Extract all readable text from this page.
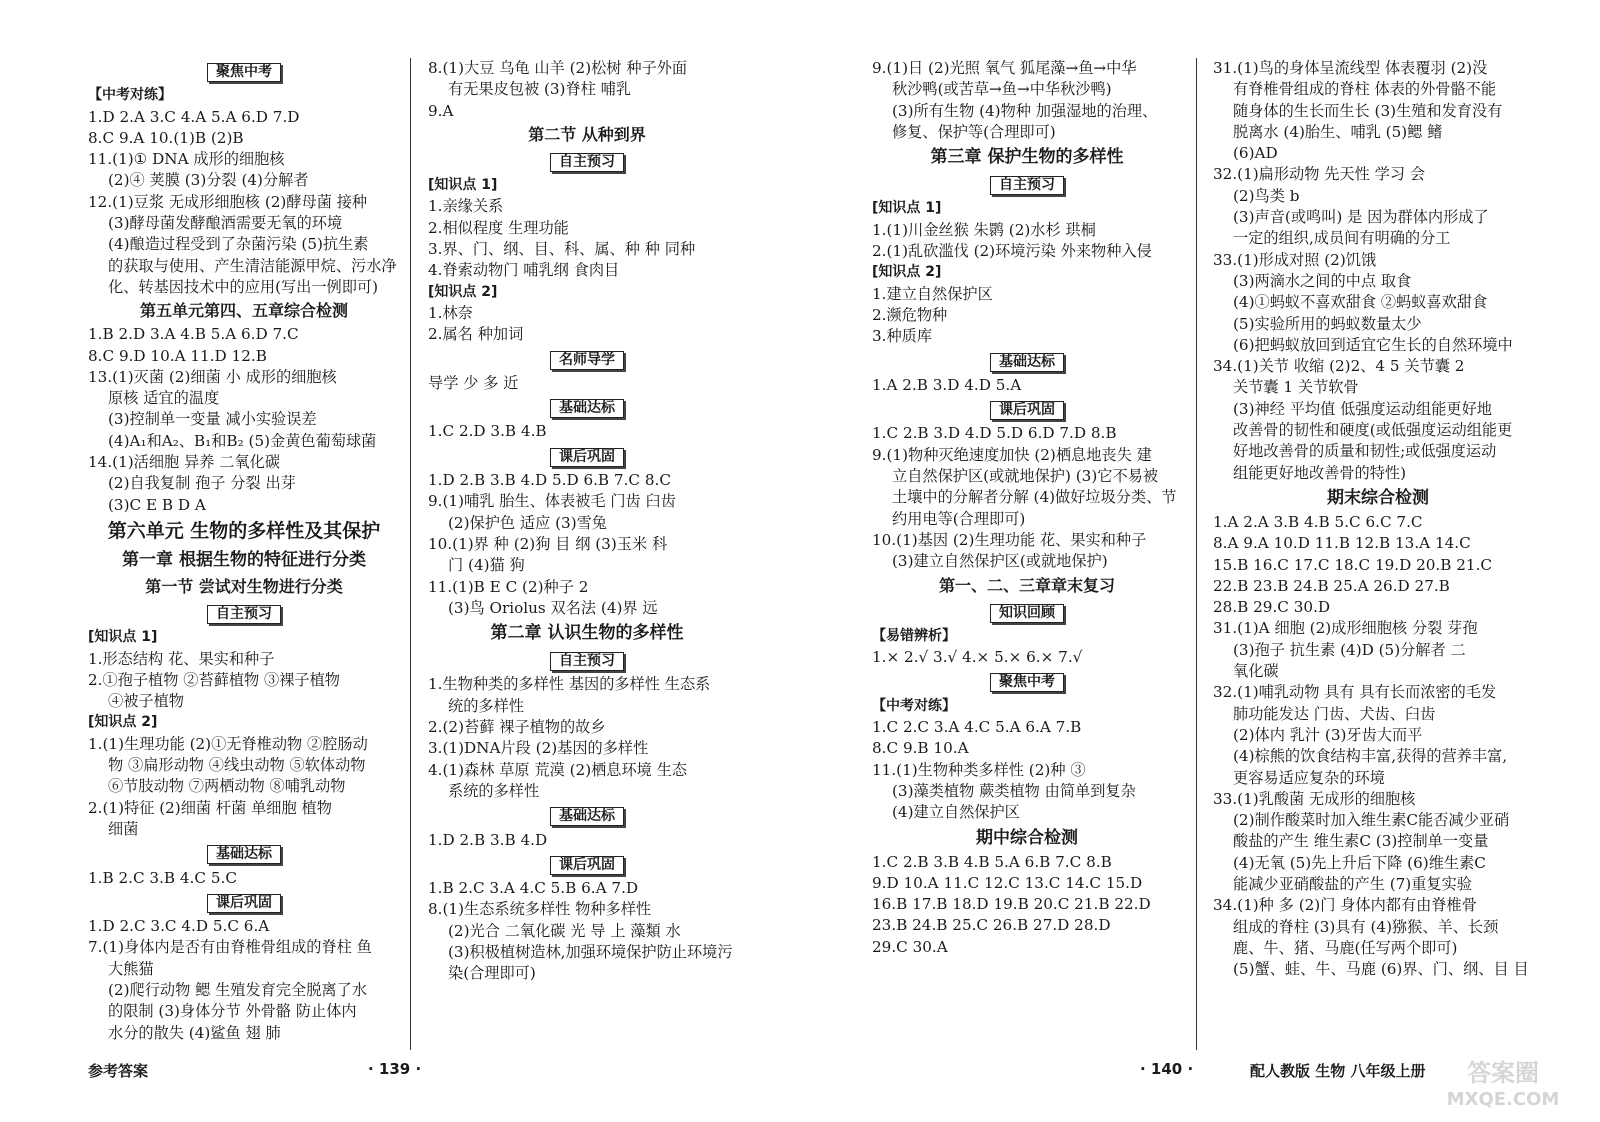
聚焦中考
【中考对练】
1.D 2.A 3.C 4.A 5.A 6.D 7.D
8.C 9.A 10.(1)B (2)B
11.(1)① DNA 成形的细胞核
(2)④ 荚膜 (3)分裂 (4)分解者
12.(1)豆浆 无成形细胞核 (2)酵母菌 接种
(3)酵母菌发酵酿酒需要无氧的环境
(4)酿造过程受到了杂菌污染 (5)抗生素
的获取与使用、产生清洁能源甲烷、污水净
化、转基因技术中的应用(写出一例即可)
第五单元第四、五章综合检测
1.B 2.D 3.A 4.B 5.A 6.D 7.C
8.C 9.D 10.A 11.D 12.B
13.(1)灭菌 (2)细菌 小 成形的细胞核
原核 适宜的温度
(3)控制单一变量 减小实验误差
(4)A₁和A₂、B₁和B₂ (5)金黄色葡萄球菌
14.(1)活细胞 异养 二氧化碳
(2)自我复制 孢子 分裂 出芽
(3)C E B D A
第六单元 生物的多样性及其保护
第一章 根据生物的特征进行分类
第一节 尝试对生物进行分类
自主预习
[知识点 1]
1.形态结构 花、果实和种子
2.①孢子植物 ②苔藓植物 ③裸子植物
④被子植物
[知识点 2]
1.(1)生理功能 (2)①无脊椎动物 ②腔肠动
物 ③扁形动物 ④线虫动物 ⑤软体动物
⑥节肢动物 ⑦两栖动物 ⑧哺乳动物
2.(1)特征 (2)细菌 杆菌 单细胞 植物
细菌
基础达标
1.B 2.C 3.B 4.C 5.C
课后巩固
1.D 2.C 3.C 4.D 5.C 6.A
7.(1)身体内是否有由脊椎骨组成的脊柱 鱼
大熊猫
(2)爬行动物 鳃 生殖发育完全脱离了水
的限制 (3)身体分节 外骨骼 防止体内
水分的散失 (4)鲨鱼 翅 肺
8.(1)大豆 乌龟 山羊 (2)松树 种子外面
有无果皮包被 (3)脊柱 哺乳
9.A
第二节 从种到界
自主预习
[知识点 1]
1.亲缘关系
2.相似程度 生理功能
3.界、门、纲、目、科、属、种 种 同种
4.脊索动物门 哺乳纲 食肉目
[知识点 2]
1.林奈
2.属名 种加词
名师导学
导学 少 多 近
基础达标
1.C 2.D 3.B 4.B
课后巩固
1.D 2.B 3.B 4.D 5.D 6.B 7.C 8.C
9.(1)哺乳 胎生、体表被毛 门齿 臼齿
(2)保护色 适应 (3)雪兔
10.(1)界 种 (2)狗 目 纲 (3)玉米 科
门 (4)猫 狗
11.(1)B E C (2)种子 2
(3)鸟 Oriolus 双名法 (4)界 远
第二章 认识生物的多样性
自主预习
1.生物种类的多样性 基因的多样性 生态系
统的多样性
2.(2)苔藓 裸子植物的故乡
3.(1)DNA片段 (2)基因的多样性
4.(1)森林 草原 荒漠 (2)栖息环境 生态
系统的多样性
基础达标
1.D 2.B 3.B 4.D
课后巩固
1.B 2.C 3.A 4.C 5.B 6.A 7.D
8.(1)生态系统多样性 物种多样性
(2)光合 二氧化碳 光 导 上 藻類 水
(3)积极植树造林,加强环境保护防止环境污
染(合理即可)
9.(1)日 (2)光照 氧气 狐尾藻→鱼→中华
秋沙鸭(或苦草→鱼→中华秋沙鸭)
(3)所有生物 (4)物种 加强湿地的治理、
修复、保护等(合理即可)
第三章 保护生物的多样性
自主预习
[知识点 1]
1.(1)川金丝猴 朱鹮 (2)水杉 珙桐
2.(1)乱砍滥伐 (2)环境污染 外来物种入侵
[知识点 2]
1.建立自然保护区
2.濒危物种
3.种质库
基础达标
1.A 2.B 3.D 4.D 5.A
课后巩固
1.C 2.B 3.D 4.D 5.D 6.D 7.D 8.B
9.(1)物种灭绝速度加快 (2)栖息地丧失 建
立自然保护区(或就地保护) (3)它不易被
土壤中的分解者分解 (4)做好垃圾分类、节
约用电等(合理即可)
10.(1)基因 (2)生理功能 花、果实和种子
(3)建立自然保护区(或就地保护)
第一、二、三章章末复习
知识回顾
【易错辨析】
1.× 2.√ 3.√ 4.× 5.× 6.× 7.√
聚焦中考
【中考对练】
1.C 2.C 3.A 4.C 5.A 6.A 7.B
8.C 9.B 10.A
11.(1)生物种类多样性 (2)种 ③
(3)藻类植物 蕨类植物 由简单到复杂
(4)建立自然保护区
期中综合检测
1.C 2.B 3.B 4.B 5.A 6.B 7.C 8.B
9.D 10.A 11.C 12.C 13.C 14.C 15.D
16.B 17.B 18.D 19.B 20.C 21.B 22.D
23.B 24.B 25.C 26.B 27.D 28.D
29.C 30.A
31.(1)鸟的身体呈流线型 体表覆羽 (2)没
有脊椎骨组成的脊柱 体表的外骨骼不能
随身体的生长而生长 (3)生殖和发育没有
脱离水 (4)胎生、哺乳 (5)鳃 鳍
(6)AD
32.(1)扁形动物 先天性 学习 会
(2)鸟类 b
(3)声音(或鸣叫) 是 因为群体内形成了
一定的组织,成员间有明确的分工
33.(1)形成对照 (2)饥饿
(3)两滴水之间的中点 取食
(4)①蚂蚁不喜欢甜食 ②蚂蚁喜欢甜食
(5)实验所用的蚂蚁数量太少
(6)把蚂蚁放回到适宜它生长的自然环境中
34.(1)关节 收缩 (2)2、4 5 关节囊 2
关节囊 1 关节软骨
(3)神经 平均值 低强度运动组能更好地
改善骨的韧性和硬度(或低强度运动组能更
好地改善骨的质量和韧性;或低强度运动
组能更好地改善骨的特性)
期末综合检测
1.A 2.A 3.B 4.B 5.C 6.C 7.C
8.A 9.A 10.D 11.B 12.B 13.A 14.C
15.B 16.C 17.C 18.C 19.D 20.B 21.C
22.B 23.B 24.B 25.A 26.D 27.B
28.B 29.C 30.D
31.(1)A 细胞 (2)成形细胞核 分裂 芽孢
(3)孢子 抗生素 (4)D (5)分解者 二
氧化碳
32.(1)哺乳动物 具有 具有长而浓密的毛发
肺功能发达 门齿、犬齿、臼齿
(2)体内 乳汁 (3)牙齿大而平
(4)棕熊的饮食结构丰富,获得的营养丰富,
更容易适应复杂的环境
33.(1)乳酸菌 无成形的细胞核
(2)制作酸菜时加入维生素C能否减少亚硝
酸盐的产生 维生素C (3)控制单一变量
(4)无氧 (5)先上升后下降 (6)维生素C
能减少亚硝酸盐的产生 (7)重复实验
34.(1)种 多 (2)门 身体内都有由脊椎骨
组成的脊柱 (3)具有 (4)猕猴、羊、长颈
鹿、牛、猪、马鹿(任写两个即可)
(5)蟹、蛙、牛、马鹿 (6)界、门、纲、目 目
参考答案	· 139 ·	· 140 ·	配人教版 生物 八年级上册 答案圈
MXQE.COM
